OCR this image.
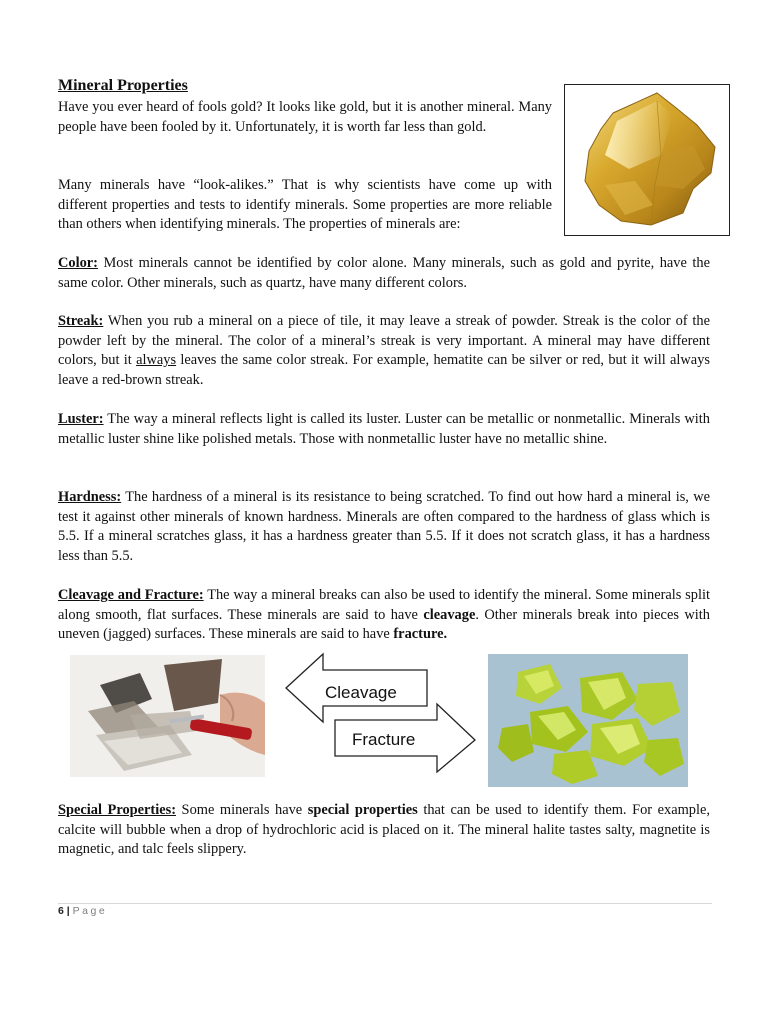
Mineral Properties

Have you ever heard of fools gold? It looks like gold, but it is another mineral. Many people have been fooled by it. Unfortunately, it is worth far less than gold.

Many minerals have “look-alikes.” That is why scientists have come up with different properties and tests to identify minerals. Some properties are more reliable than others when identifying minerals. The properties of minerals are:

Color: Most minerals cannot be identified by color alone. Many minerals, such as gold and pyrite, have the same color. Other minerals, such as quartz, have many different colors.

Streak: When you rub a mineral on a piece of tile, it may leave a streak of powder. Streak is the color of the powder left by the mineral. The color of a mineral’s streak is very important. A mineral may have different colors, but it always leaves the same color streak. For example, hematite can be silver or red, but it will always leave a red-brown streak.

Luster: The way a mineral reflects light is called its luster. Luster can be metallic or nonmetallic. Minerals with metallic luster shine like polished metals. Those with nonmetallic luster have no metallic shine.

Hardness: The hardness of a mineral is its resistance to being scratched. To find out how hard a mineral is, we test it against other minerals of known hardness. Minerals are often compared to the hardness of glass which is 5.5. If a mineral scratches glass, it has a hardness greater than 5.5. If it does not scratch glass, it has a hardness less than 5.5.

Cleavage and Fracture: The way a mineral breaks can also be used to identify the mineral. Some minerals split along smooth, flat surfaces. These minerals are said to have cleavage. Other minerals break into pieces with uneven (jagged) surfaces. These minerals are said to have fracture.

Cleavage
Fracture

Special Properties: Some minerals have special properties that can be used to identify them. For example, calcite will bubble when a drop of hydrochloric acid is placed on it. The mineral halite tastes salty, magnetite is magnetic, and talc feels slippery.

6 | Page
